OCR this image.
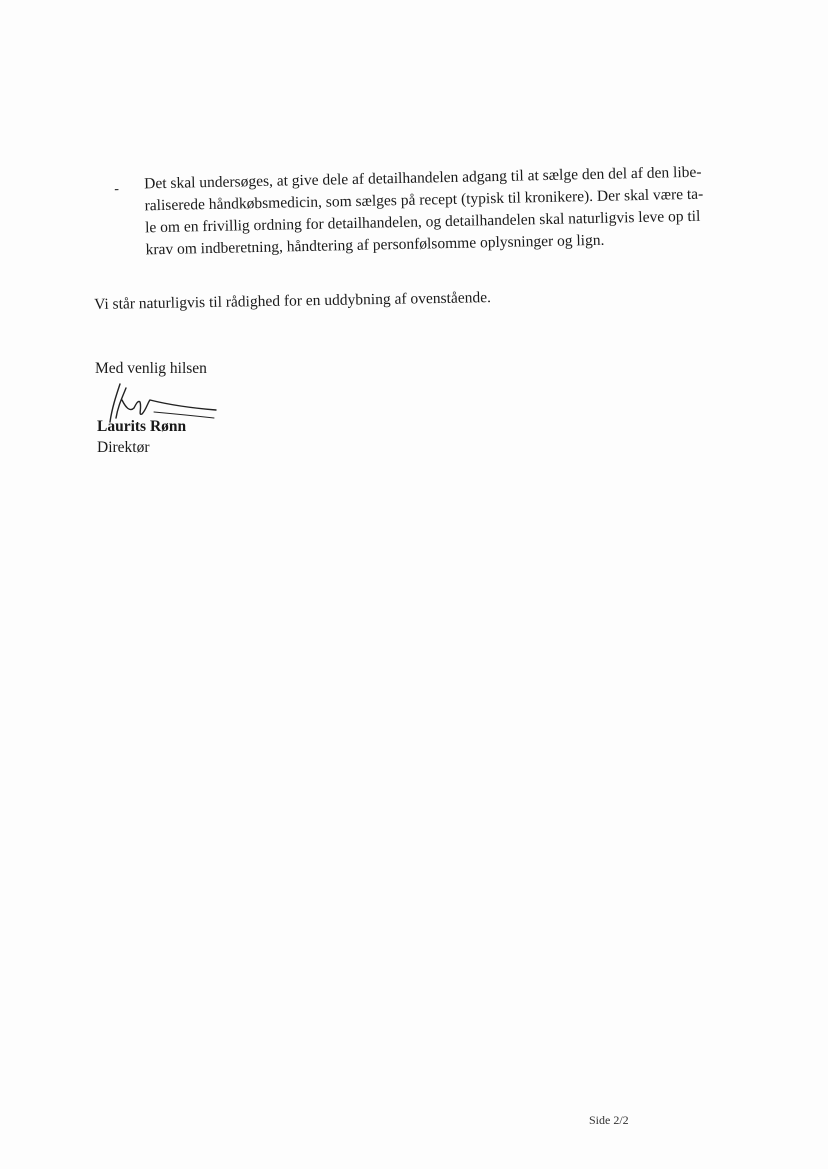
- Det skal undersøges, at give dele af detailhandelen adgang til at sælge den del af den libe-
raliserede håndkøbsmedicin, som sælges på recept (typisk til kronikere). Der skal være ta-
le om en frivillig ordning for detailhandelen, og detailhandelen skal naturligvis leve op til
krav om indberetning, håndtering af personfølsomme oplysninger og lign.
Vi står naturligvis til rådighed for en uddybning af ovenstående.
Med venlig hilsen
Laurits Rønn
Direktør
Side 2/2
